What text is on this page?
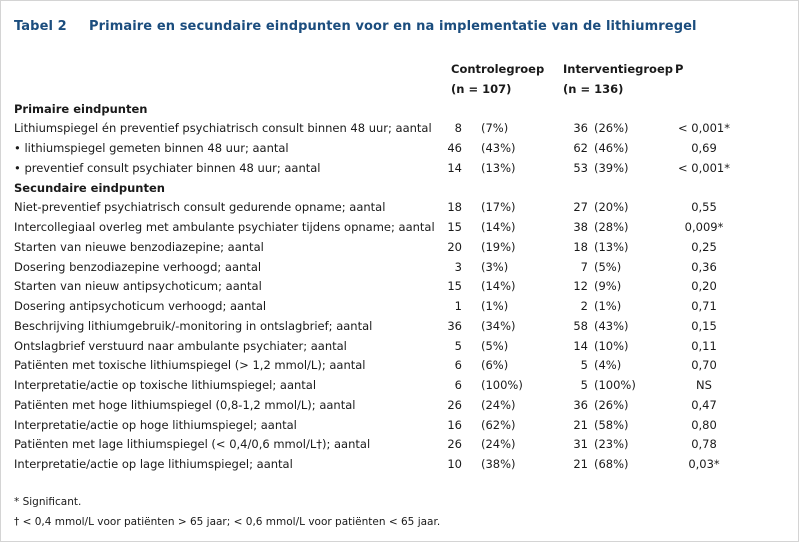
Tabel 2 Primaire en secundaire eindpunten voor en na implementatie van de lithiumregel
Controlegroep Interventiegroep P
(n = 107)	(n = 136)
Primaire eindpunten
Lithiumspiegel én preventief psychiatrisch consult binnen 48 uur; aantal	8 (7%)	36 (26%)	< 0,001*
• lithiumspiegel gemeten binnen 48 uur; aantal	46 (43%)	62 (46%)	0,69
• preventief consult psychiater binnen 48 uur; aantal	14 (13%)	53 (39%)	< 0,001*
Secundaire eindpunten
Niet-preventief psychiatrisch consult gedurende opname; aantal	18 (17%)	27 (20%)	0,55
Intercollegiaal overleg met ambulante psychiater tijdens opname; aantal	15 (14%)	38 (28%)	0,009*
Starten van nieuwe benzodiazepine; aantal	20 (19%)	18 (13%)	0,25
Dosering benzodiazepine verhoogd; aantal	3 (3%)	7 (5%)	0,36
Starten van nieuw antipsychoticum; aantal	15 (14%)	12 (9%)	0,20
Dosering antipsychoticum verhoogd; aantal	1 (1%)	2 (1%)	0,71
Beschrijving lithiumgebruik/-monitoring in ontslagbrief; aantal	36 (34%)	58 (43%)	0,15
Ontslagbrief verstuurd naar ambulante psychiater; aantal	5 (5%)	14 (10%)	0,11
Patiënten met toxische lithiumspiegel (> 1,2 mmol/L); aantal	6 (6%)	5 (4%)	0,70
Interpretatie/actie op toxische lithiumspiegel; aantal	6 (100%)	5 (100%)	NS
Patiënten met hoge lithiumspiegel (0,8-1,2 mmol/L); aantal	26 (24%)	36 (26%)	0,47
Interpretatie/actie op hoge lithiumspiegel; aantal	16 (62%)	21 (58%)	0,80
Patiënten met lage lithiumspiegel (< 0,4/0,6 mmol/L†); aantal	26 (24%)	31 (23%)	0,78
Interpretatie/actie op lage lithiumspiegel; aantal	10 (38%)	21 (68%)	0,03*
* Significant.
† < 0,4 mmol/L voor patiënten > 65 jaar; < 0,6 mmol/L voor patiënten < 65 jaar.
